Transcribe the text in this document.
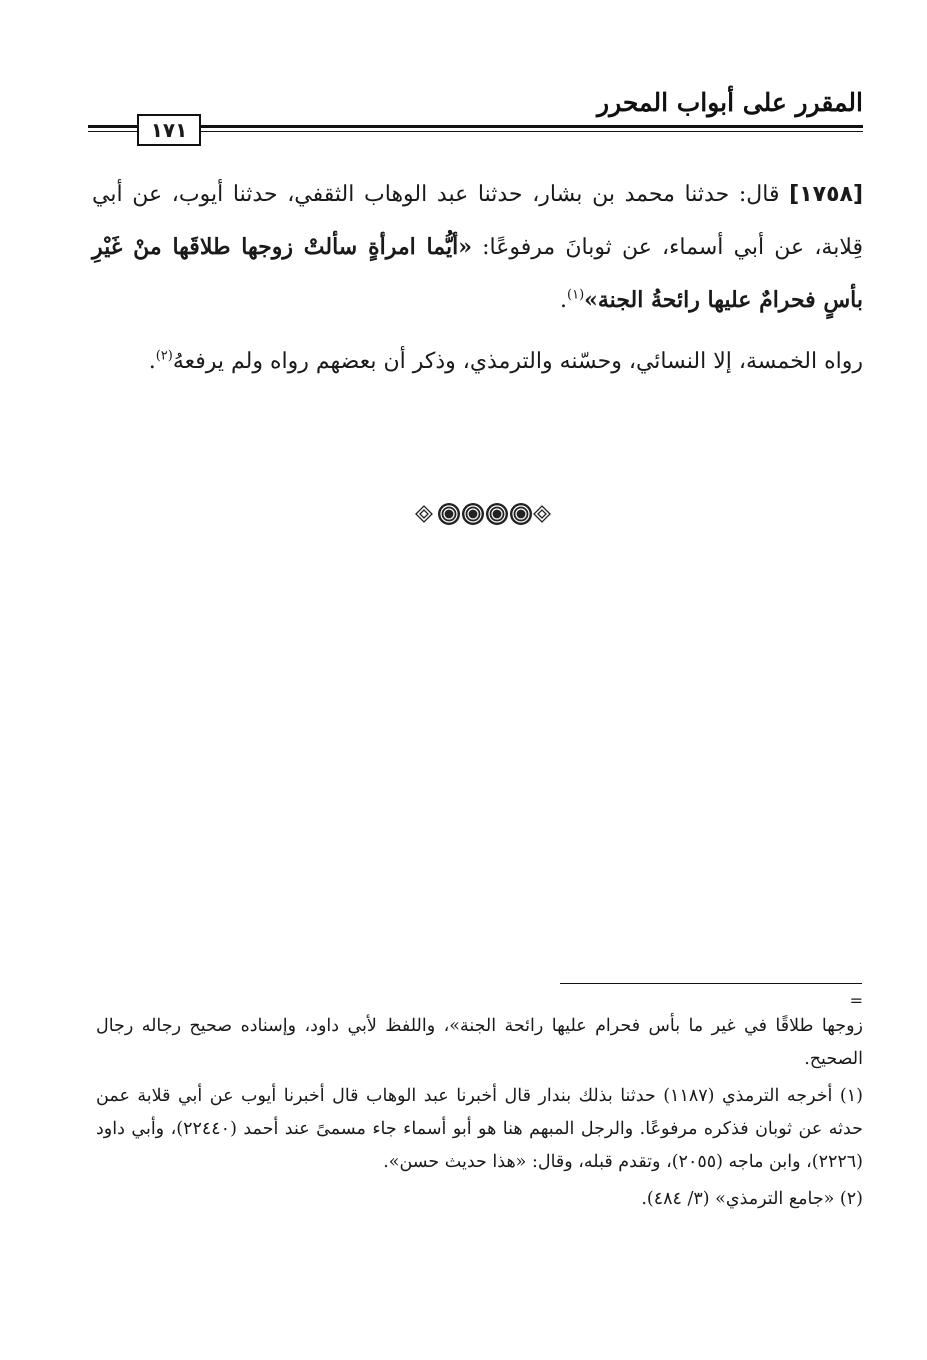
المقرر على أبواب المحرر
١٧١

[١٧٥٨] قال: حدثنا محمد بن بشار، حدثنا عبد الوهاب الثقفي، حدثنا أيوب، عن أبي قِلابة، عن أبي أسماء، عن ثوبانَ مرفوعًا: «أيُّما امرأةٍ سألتْ زوجها طلاقَها منْ غَيْرِ بأسٍ فحرامٌ عليها رائحةُ الجنة»$^{(١)}$.

رواه الخمسة، إلا النسائي، وحسّنه والترمذي، وذكر أن بعضهم رواه ولم يرفعهُ$^{(٢)}$.

=

زوجها طلاقًا في غير ما بأس فحرام عليها رائحة الجنة»، واللفظ لأبي داود، وإسناده صحيح رجاله رجال الصحيح.

(١) أخرجه الترمذي (١١٨٧) حدثنا بذلك بندار قال أخبرنا عبد الوهاب قال أخبرنا أيوب عن أبي قلابة عمن حدثه عن ثوبان فذكره مرفوعًا. والرجل المبهم هنا هو أبو أسماء جاء مسمىً عند أحمد (٢٢٤٤٠)، وأبي داود (٢٢٢٦)، وابن ماجه (٢٠٥٥)، وتقدم قبله، وقال: «هذا حديث حسن».

(٢) «جامع الترمذي» (٣/ ٤٨٤).
